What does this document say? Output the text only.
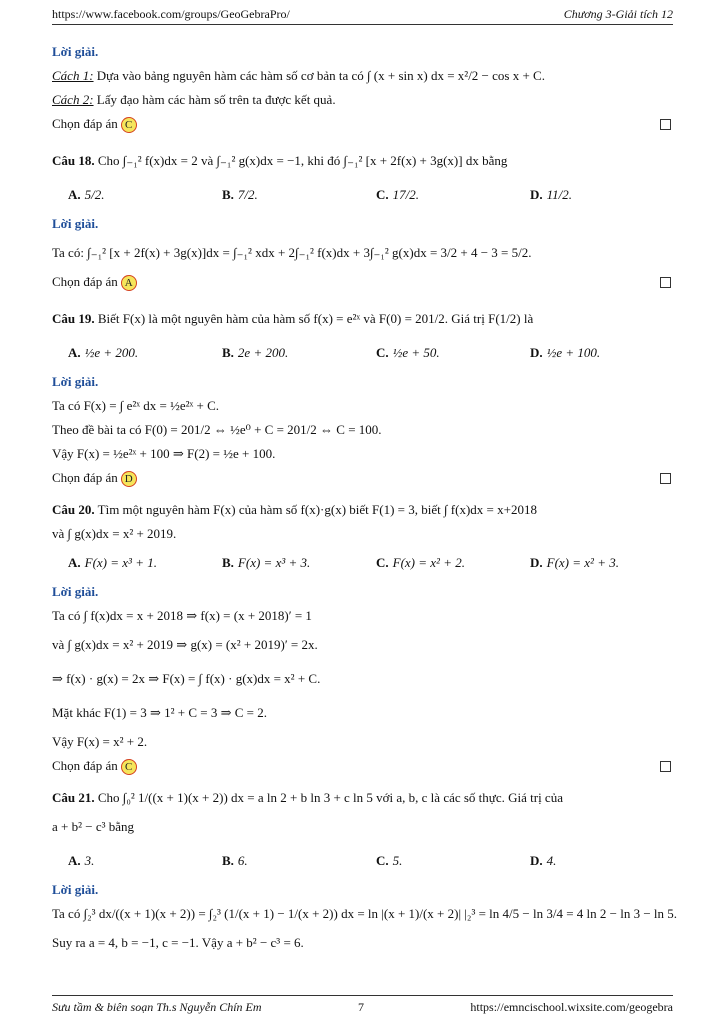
https://www.facebook.com/groups/GeoGebraPro/	Chương 3-Giải tích 12
Lời giải.
Cách 1: Dựa vào bảng nguyên hàm các hàm số cơ bản ta có ∫ (x + sin x) dx = x²/2 − cos x + C.
Cách 2: Lấy đạo hàm các hàm số trên ta được kết quả.
Chọn đáp án C
Câu 18. Cho ∫₋₁² f(x)dx = 2 và ∫₋₁² g(x)dx = −1, khi đó ∫₋₁² [x + 2f(x) + 3g(x)] dx bằng
A. 5/2.	B. 7/2.	C. 17/2.	D. 11/2.
Lời giải.
Ta có: ∫₋₁² [x + 2f(x) + 3g(x)]dx = ∫₋₁² xdx + 2∫₋₁² f(x)dx + 3∫₋₁² g(x)dx = 3/2 + 4 − 3 = 5/2.
Chọn đáp án A
Câu 19. Biết F(x) là một nguyên hàm của hàm số f(x) = e²ˣ và F(0) = 201/2. Giá trị F(1/2) là
A. ½e + 200.	B. 2e + 200.	C. ½e + 50.	D. ½e + 100.
Lời giải.
Ta có F(x) = ∫ e²ˣ dx = ½e²ˣ + C.
Theo đề bài ta có F(0) = 201/2 ⇔ ½e⁰ + C = 201/2 ⇔ C = 100.
Vậy F(x) = ½e²ˣ + 100 ⇒ F(2) = ½e + 100.
Chọn đáp án D
Câu 20. Tìm một nguyên hàm F(x) của hàm số f(x)·g(x) biết F(1) = 3, biết ∫ f(x)dx = x+2018
và ∫ g(x)dx = x² + 2019.
A. F(x) = x³ + 1.	B. F(x) = x³ + 3.	C. F(x) = x² + 2.	D. F(x) = x² + 3.
Lời giải.
Ta có ∫ f(x)dx = x + 2018 ⇒ f(x) = (x + 2018)′ = 1
và ∫ g(x)dx = x² + 2019 ⇒ g(x) = (x² + 2019)′ = 2x.
⇒ f(x) · g(x) = 2x ⇒ F(x) = ∫ f(x) · g(x)dx = x² + C.
Mặt khác F(1) = 3 ⇒ 1² + C = 3 ⇒ C = 2.
Vậy F(x) = x² + 2.
Chọn đáp án C
Câu 21. Cho ∫₀² 1/((x + 1)(x + 2)) dx = a ln 2 + b ln 3 + c ln 5 với a, b, c là các số thực. Giá trị của
a + b² − c³ bằng
A. 3.	B. 6.	C. 5.	D. 4.
Lời giải.
Ta có ∫₂³ dx/((x + 1)(x + 2)) = ∫₂³ (1/(x + 1) − 1/(x + 2)) dx = ln |(x + 1)/(x + 2)| |₂³ = ln 4/5 − ln 3/4 = 4 ln 2 − ln 3 − ln 5.
Suy ra a = 4, b = −1, c = −1. Vậy a + b² − c³ = 6.
Sưu tầm & biên soạn Th.s Nguyễn Chín Em	7	https://emncischool.wixsite.com/geogebra
